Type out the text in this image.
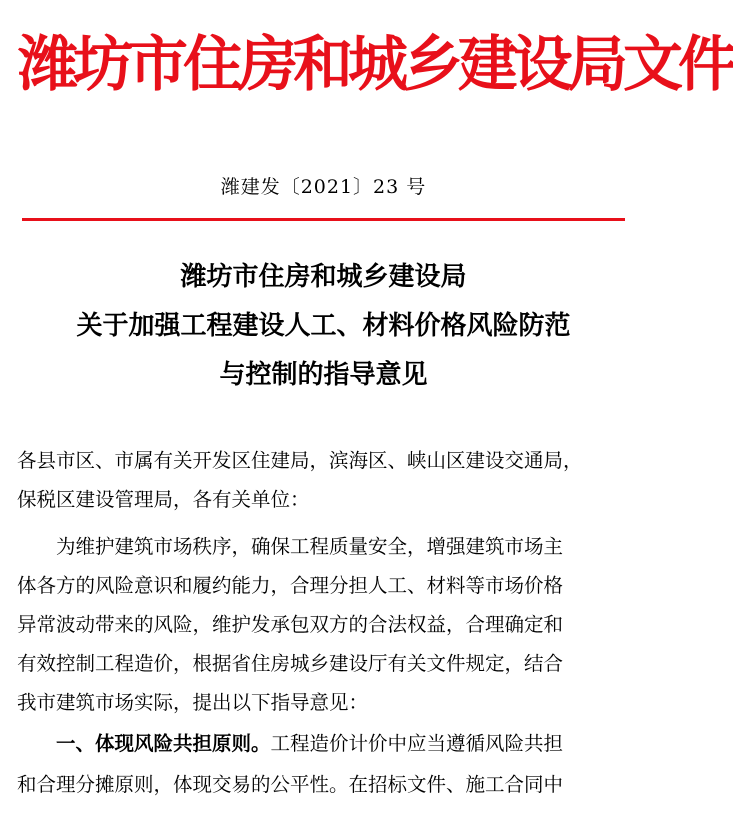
潍坊市住房和城乡建设局文件
潍建发〔2021〕23 号
潍坊市住房和城乡建设局
关于加强工程建设人工、材料价格风险防范
与控制的指导意见
各县市区、市属有关开发区住建局，滨海区、峡山区建设交通局，
保税区建设管理局，各有关单位：
　　为维护建筑市场秩序，确保工程质量安全，增强建筑市场主
体各方的风险意识和履约能力，合理分担人工、材料等市场价格
异常波动带来的风险，维护发承包双方的合法权益，合理确定和
有效控制工程造价，根据省住房城乡建设厅有关文件规定，结合
我市建筑市场实际，提出以下指导意见：
　　一、体现风险共担原则。工程造价计价中应当遵循风险共担
和合理分摊原则，体现交易的公平性。在招标文件、施工合同中
